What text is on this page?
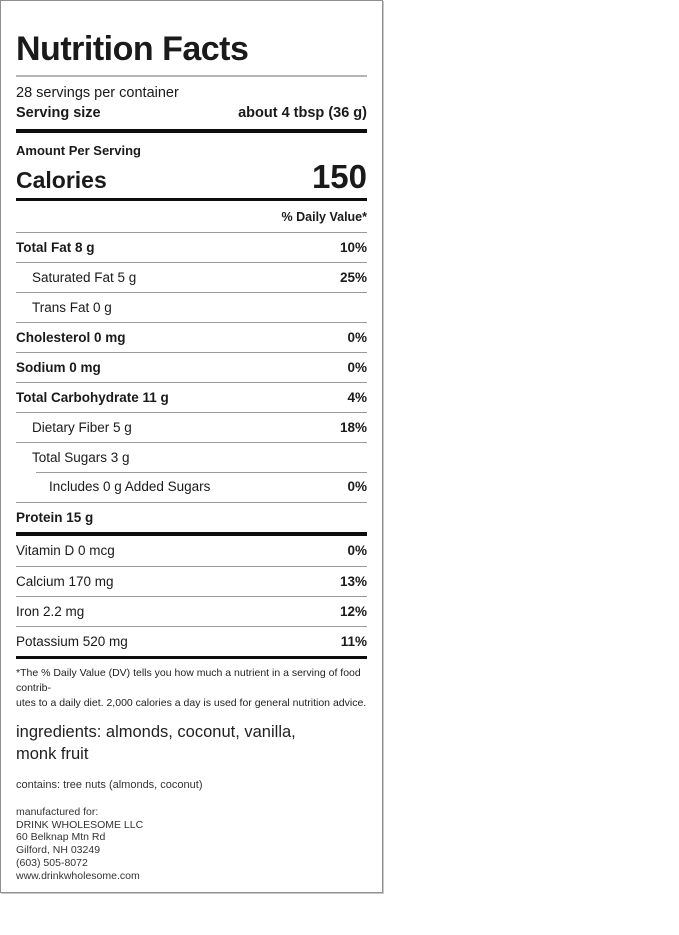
Nutrition Facts
28 servings per container
Serving size	about 4 tbsp (36 g)
Amount Per Serving
Calories	150
% Daily Value*
Total Fat 8 g	10%
Saturated Fat 5 g	25%
Trans Fat 0 g
Cholesterol 0 mg	0%
Sodium 0 mg	0%
Total Carbohydrate 11 g	4%
Dietary Fiber 5 g	18%
Total Sugars 3 g
Includes 0 g Added Sugars	0%
Protein 15 g
Vitamin D 0 mcg	0%
Calcium 170 mg	13%
Iron 2.2 mg	12%
Potassium 520 mg	11%
*The % Daily Value (DV) tells you how much a nutrient in a serving of food contrib-
utes to a daily diet. 2,000 calories a day is used for general nutrition advice.
ingredients: almonds, coconut, vanilla,
monk fruit
contains: tree nuts (almonds, coconut)
manufactured for:
DRINK WHOLESOME LLC
60 Belknap Mtn Rd
Gilford, NH 03249
(603) 505-8072
www.drinkwholesome.com
